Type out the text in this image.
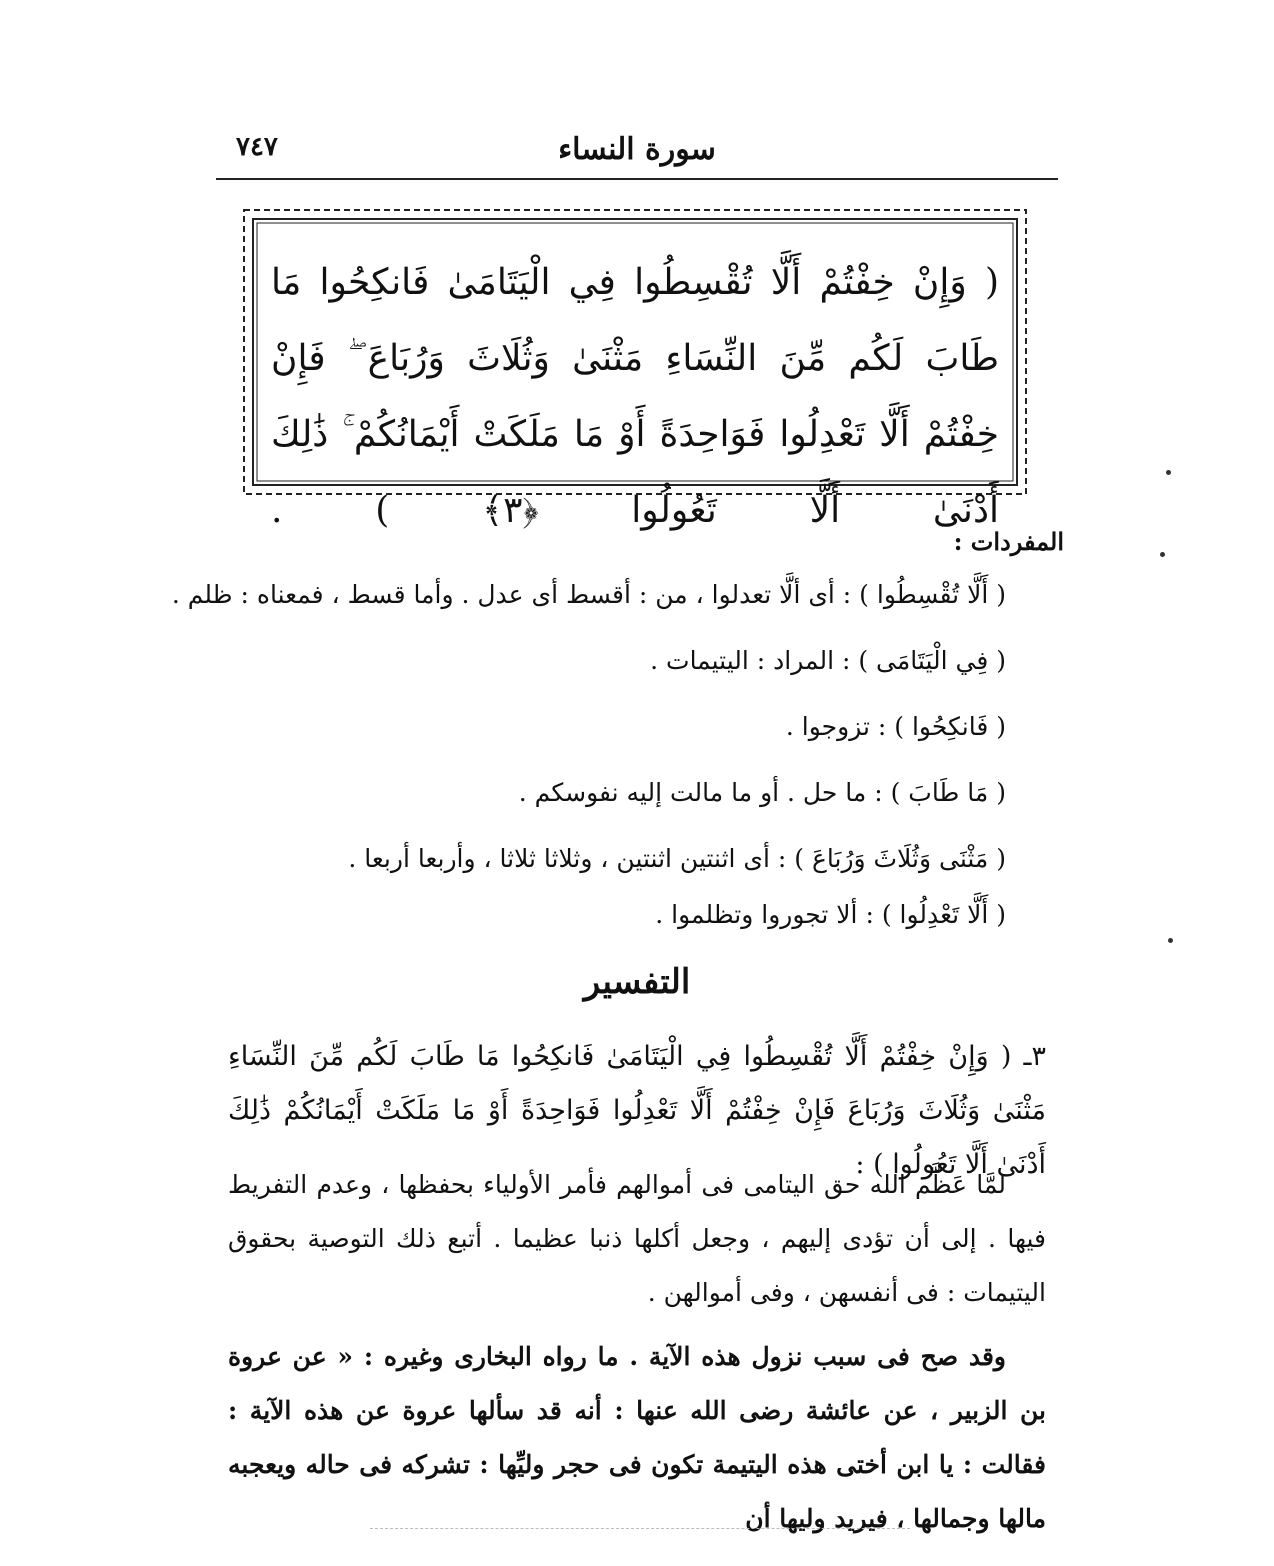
سورة النساء
٧٤٧
( وَإِنْ خِفْتُمْ أَلَّا تُقْسِطُوا فِي الْيَتَامَىٰ فَانكِحُوا مَا طَابَ لَكُم مِّنَ النِّسَاءِ مَثْنَىٰ وَثُلَاثَ وَرُبَاعَ ۖ فَإِنْ خِفْتُمْ أَلَّا تَعْدِلُوا فَوَاحِدَةً أَوْ مَا مَلَكَتْ أَيْمَانُكُمْ ۚ ذَٰلِكَ أَدْنَىٰ أَلَّا تَعُولُوا ﴿٣﴾ ) .
المفردات :
( أَلَّا تُقْسِطُوا ) : أى ألَّا تعدلوا ، من : أقسط أى عدل . وأما قسط ، فمعناه : ظلم .
( فِي الْيَتَامَى ) : المراد : اليتيمات .
( فَانكِحُوا ) : تزوجوا .
( مَا طَابَ ) : ما حل . أو ما مالت إليه نفوسكم .
( مَثْنَى وَثُلَاثَ وَرُبَاعَ ) : أى اثنتين اثنتين ، وثلاثا ثلاثا ، وأربعا أربعا .
( أَلَّا تَعْدِلُوا ) : ألا تجوروا وتظلموا .
التفسير
٣ـ ( وَإِنْ خِفْتُمْ أَلَّا تُقْسِطُوا فِي الْيَتَامَىٰ فَانكِحُوا مَا طَابَ لَكُم مِّنَ النِّسَاءِ مَثْنَىٰ وَثُلَاثَ وَرُبَاعَ فَإِنْ خِفْتُمْ أَلَّا تَعْدِلُوا فَوَاحِدَةً أَوْ مَا مَلَكَتْ أَيْمَانُكُمْ ذَٰلِكَ أَدْنَىٰ أَلَّا تَعُولُوا ) :
لمَّا عَظَّم الله حق اليتامى فى أموالهم فأمر الأولياء بحفظها ، وعدم التفريط فيها . إلى أن تؤدى إليهم ، وجعل أكلها ذنبا عظيما . أتبع ذلك التوصية بحقوق اليتيمات : فى أنفسهن ، وفى أموالهن .
وقد صح فى سبب نزول هذه الآية . ما رواه البخارى وغيره : « عن عروة بن الزبير ، عن عائشة رضى الله عنها : أنه قد سألها عروة عن هذه الآية : فقالت : يا ابن أختى هذه اليتيمة تكون فى حجر وليِّها : تشركه فى حاله ويعجبه مالها وجمالها ، فيريد وليها أن
